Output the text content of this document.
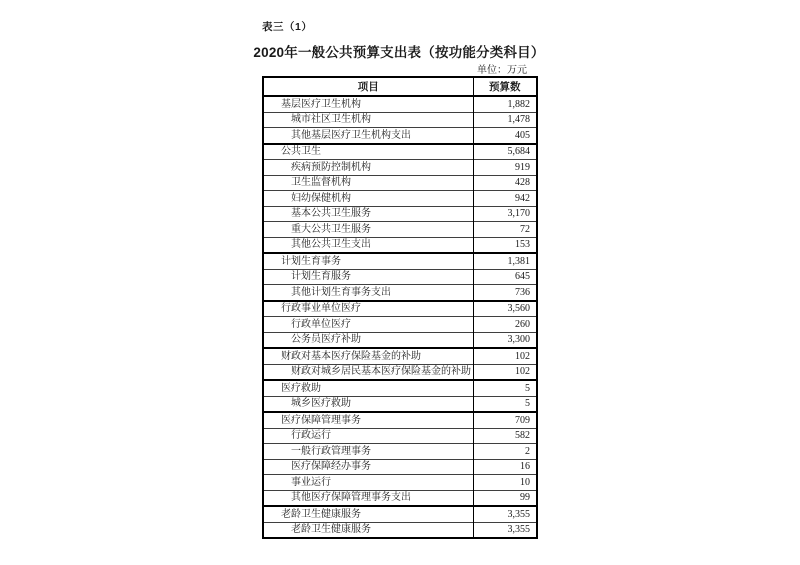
表三（1）
2020年一般公共预算支出表（按功能分类科目）
单位：万元
项目	预算数
基层医疗卫生机构	1,882
城市社区卫生机构	1,478
其他基层医疗卫生机构支出	405
公共卫生	5,684
疾病预防控制机构	919
卫生监督机构	428
妇幼保健机构	942
基本公共卫生服务	3,170
重大公共卫生服务	72
其他公共卫生支出	153
计划生育事务	1,381
计划生育服务	645
其他计划生育事务支出	736
行政事业单位医疗	3,560
行政单位医疗	260
公务员医疗补助	3,300
财政对基本医疗保险基金的补助	102
财政对城乡居民基本医疗保险基金的补助	102
医疗救助	5
城乡医疗救助	5
医疗保障管理事务	709
行政运行	582
一般行政管理事务	2
医疗保障经办事务	16
事业运行	10
其他医疗保障管理事务支出	99
老龄卫生健康服务	3,355
老龄卫生健康服务	3,355
